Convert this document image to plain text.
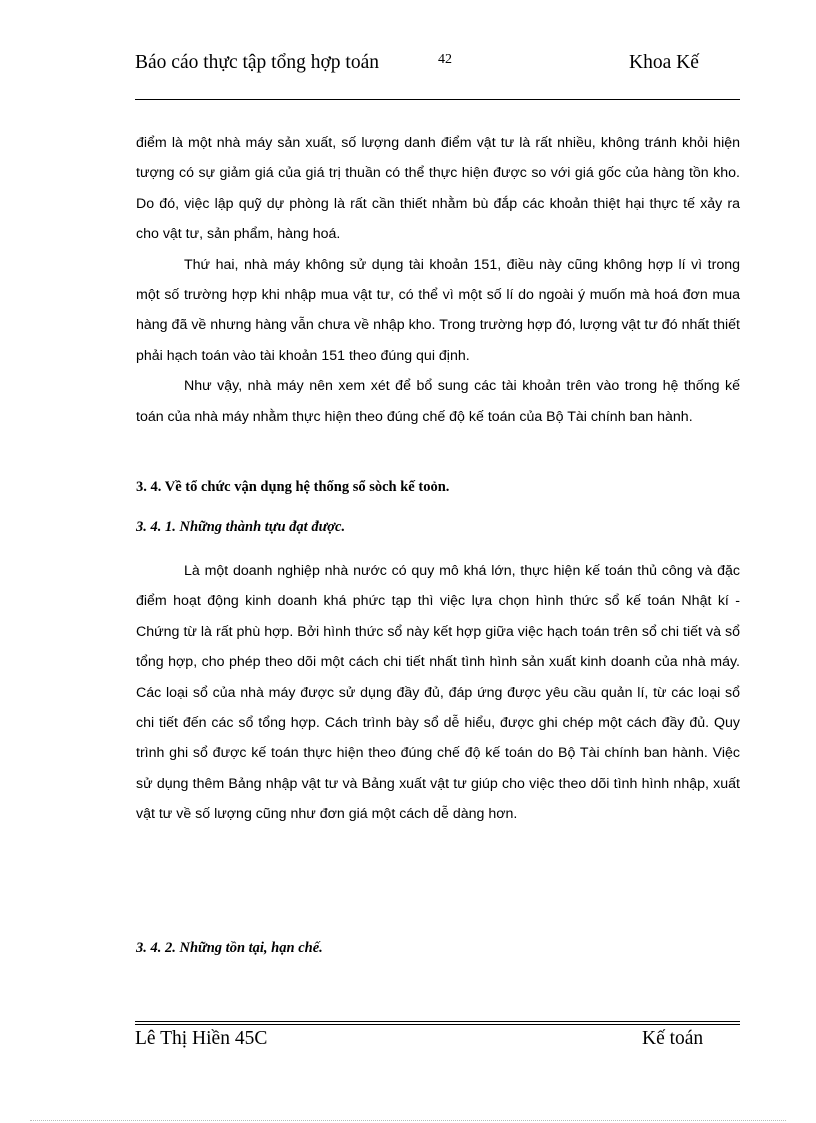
Báo cáo thực tập tổng hợp toán	42	Khoa Kế

điểm là một nhà máy sản xuất, số lượng danh điểm vật tư là rất nhiều, không tránh khỏi hiện tượng có sự giảm giá của giá trị thuần có thể thực hiện được so với giá gốc của hàng tồn kho. Do đó, việc lập quỹ dự phòng là rất cần thiết nhằm bù đắp các khoản thiệt hại thực tế xảy ra cho vật tư, sản phẩm, hàng hoá.

Thứ hai, nhà máy không sử dụng tài khoản 151, điều này cũng không hợp lí vì trong một số trường hợp khi nhập mua vật tư, có thể vì một số lí do ngoài ý muốn mà hoá đơn mua hàng đã về nhưng hàng vẫn chưa về nhập kho. Trong trường hợp đó, lượng vật tư đó nhất thiết phải hạch toán vào tài khoản 151 theo đúng qui định.

Như vậy, nhà máy nên xem xét để bổ sung các tài khoản trên vào trong hệ thống kế toán của nhà máy nhằm thực hiện theo đúng chế độ kế toán của Bộ Tài chính ban hành.

3. 4. Về tổ chức vận dụng hệ thống sổ sòch kế toỏn.
3. 4. 1. Những thành tựu đạt được.

Là một doanh nghiệp nhà nước có quy mô khá lớn, thực hiện kế toán thủ công và đặc điểm hoạt động kinh doanh khá phức tạp thì việc lựa chọn hình thức sổ kế toán Nhật kí - Chứng từ là rất phù hợp. Bởi hình thức sổ này kết hợp giữa việc hạch toán trên sổ chi tiết và sổ tổng hợp, cho phép theo dõi một cách chi tiết nhất tình hình sản xuất kinh doanh của nhà máy. Các loại sổ của nhà máy được sử dụng đầy đủ, đáp ứng được yêu cầu quản lí, từ các loại sổ chi tiết đến các sổ tổng hợp. Cách trình bày sổ dễ hiểu, được ghi chép một cách đầy đủ. Quy trình ghi sổ được kế toán thực hiện theo đúng chế độ kế toán do Bộ Tài chính ban hành. Việc sử dụng thêm Bảng nhập vật tư và Bảng xuất vật tư giúp cho việc theo dõi tình hình nhập, xuất vật tư về số lượng cũng như đơn giá một cách dễ dàng hơn.

3. 4. 2. Những tồn tại, hạn chế.
Lê Thị Hiền 45C	Kế toán
